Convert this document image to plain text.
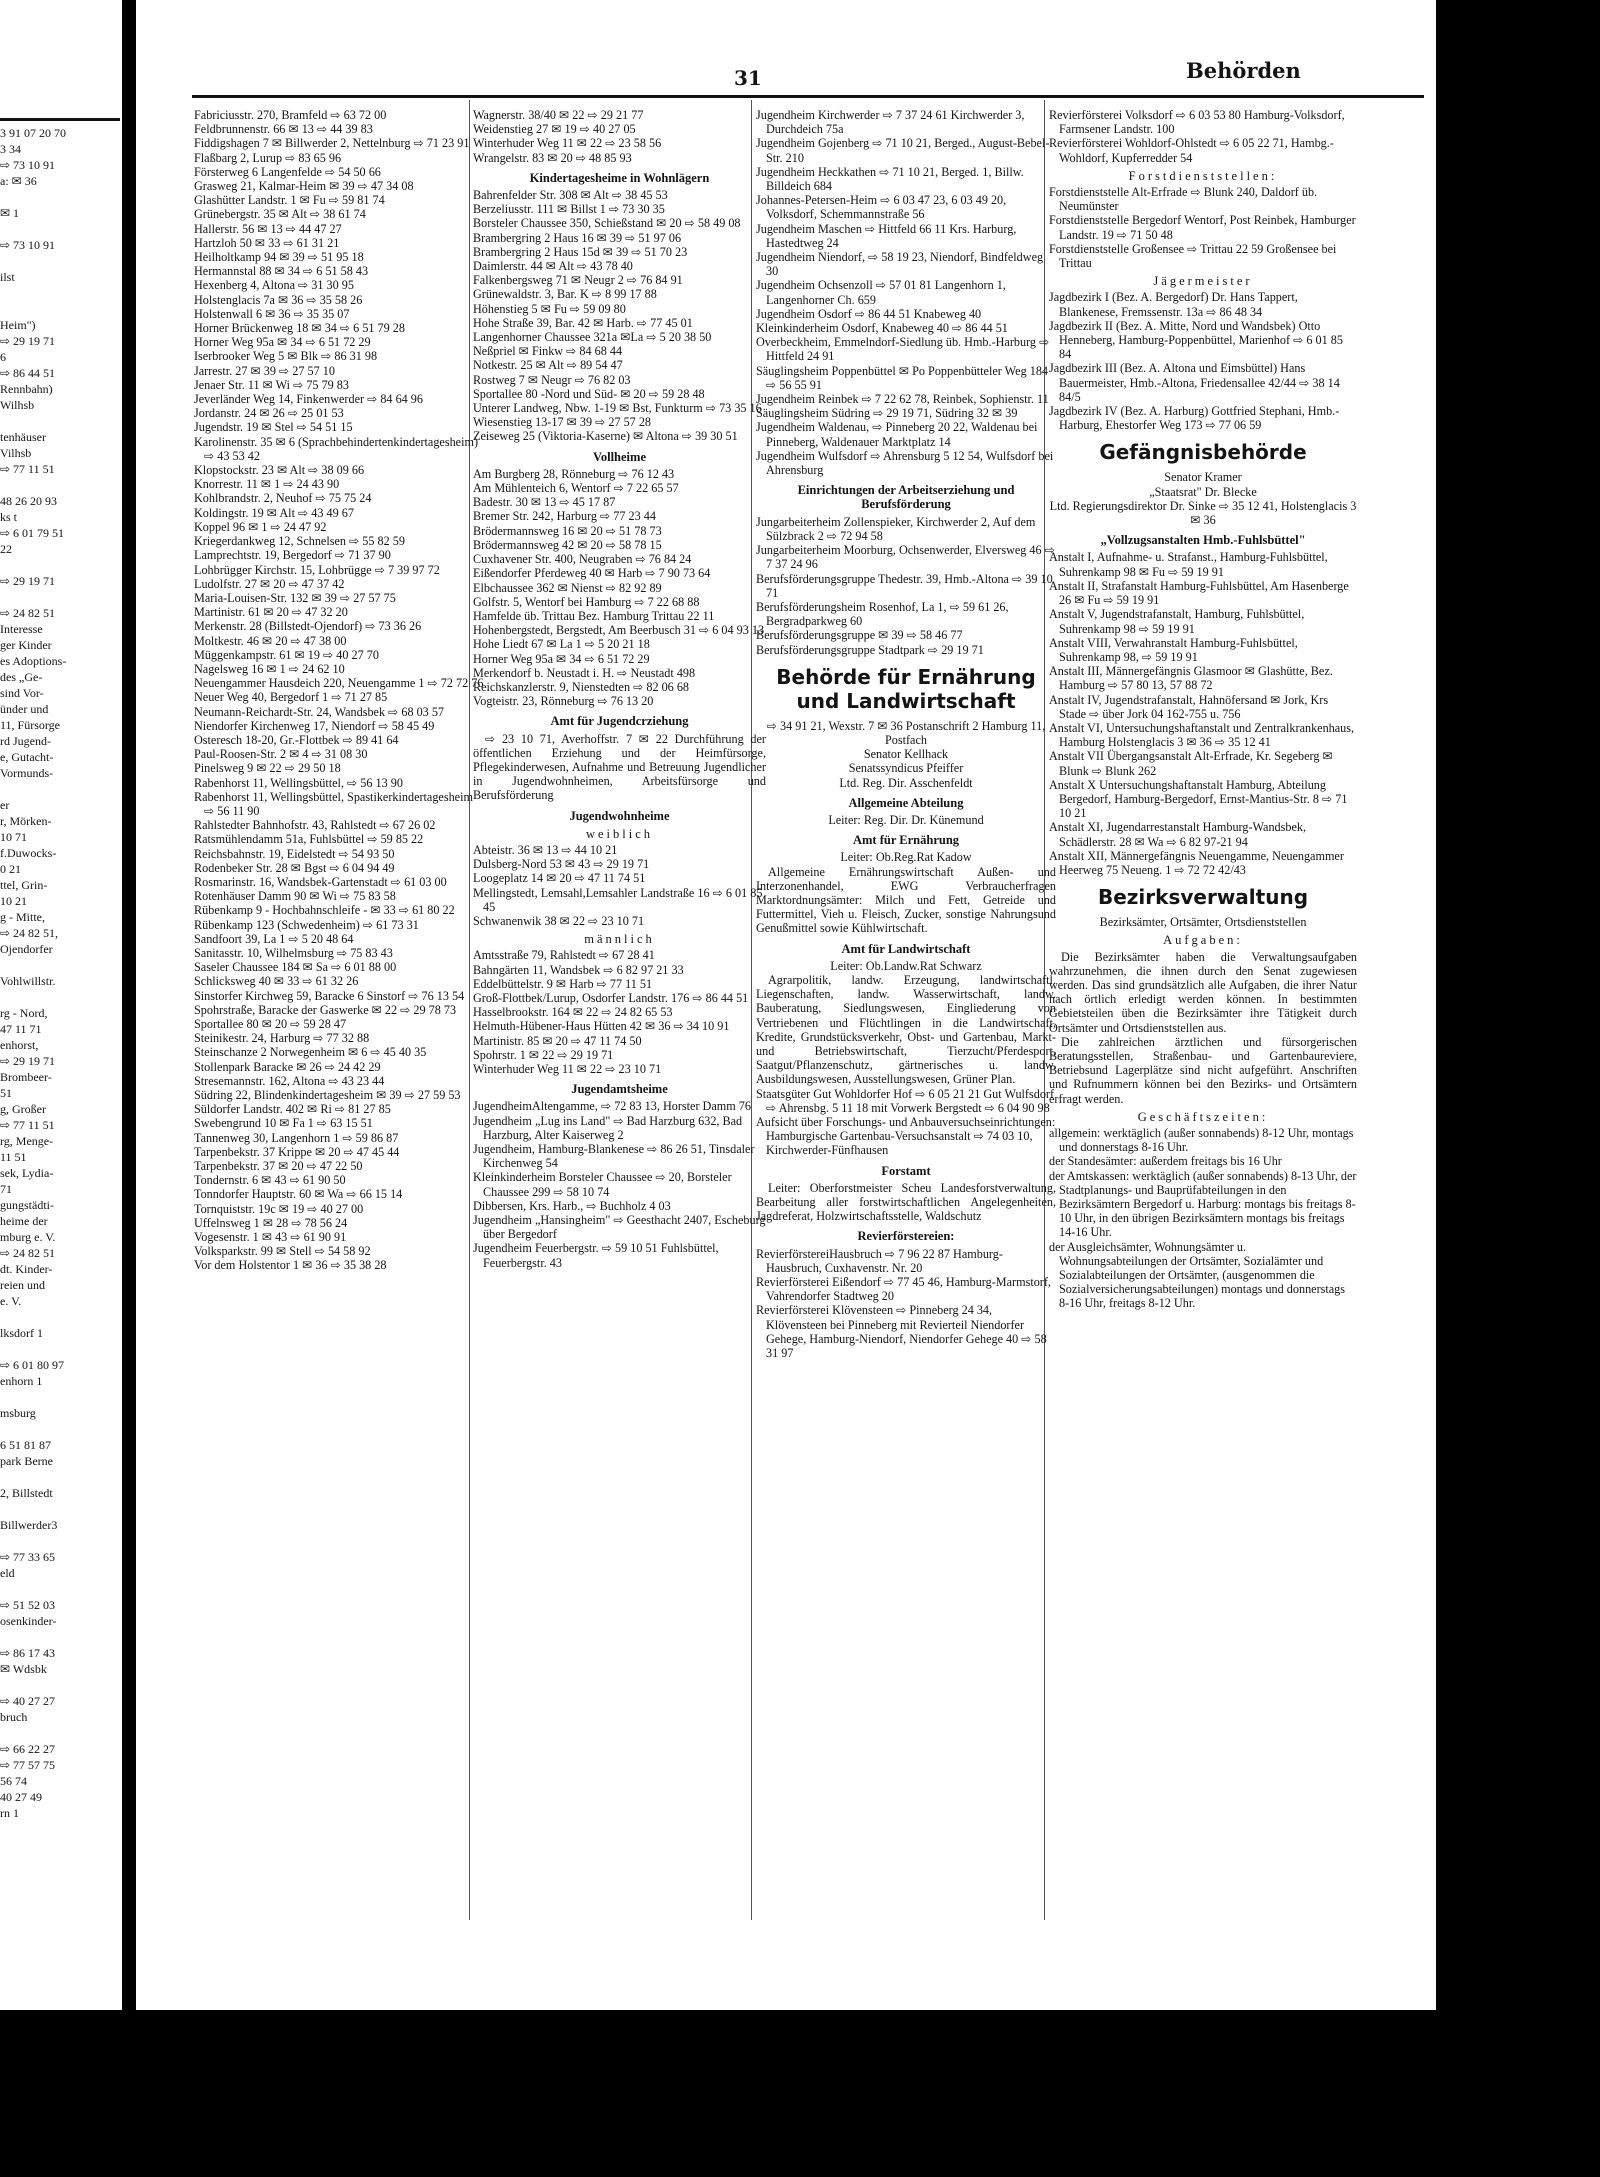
3 91 07 20 70
3 34
⇨ 73 10 91
a: ✉ 36

✉ 1

⇨ 73 10 91

ilst

Heim")
⇨ 29 19 71
6
⇨ 86 44 51
Rennbahn)
Wilhsb

tenhäuser
Vilhsb
⇨ 77 11 51

48 26 20 93
ks t
⇨ 6 01 79 51
22

⇨ 29 19 71

⇨ 24 82 51
Interesse
ger Kinder
es Adoptions-
des „Ge-
sind Vor-
ünder und
11, Fürsorge
rd Jugend-
e, Gutacht-
Vormunds-

er
r, Mörken-
10 71
f.Duwocks-
0 21
ttel, Grin-
10 21
g - Mitte,
⇨ 24 82 51,
Ojendorfer

Vohlwillstr.

rg - Nord,
47 11 71
enhorst,
⇨ 29 19 71
Brombeer-
51
g, Großer
⇨ 77 11 51
rg, Menge-
11 51
sek, Lydia-
71
gungstädti-
heime der
mburg e. V.
⇨ 24 82 51
dt. Kinder-
reien und
e. V.

lksdorf 1

⇨ 6 01 80 97
enhorn 1

msburg

6 51 81 87
park Berne

2, Billstedt

Billwerder3

⇨ 77 33 65
eld

⇨ 51 52 03
osenkinder-

⇨ 86 17 43
✉ Wdsbk

⇨ 40 27 27
bruch

⇨ 66 22 27
⇨ 77 57 75
56 74
40 27 49
rn 1
31	Behörden

Fabriciusstr. 270, Bramfeld ⇨ 63 72 00

Feldbrunnenstr. 66 ✉ 13 ⇨ 44 39 83

Fiddigshagen 7 ✉ Billwerder 2, Nettelnburg ⇨ 71 23 91

Flaßbarg 2, Lurup ⇨ 83 65 96

Försterweg 6 Langenfelde ⇨ 54 50 66

Grasweg 21, Kalmar-Heim ✉ 39 ⇨ 47 34 08

Glashütter Landstr. 1 ✉ Fu ⇨ 59 81 74

Grünebergstr. 35 ✉ Alt ⇨ 38 61 74

Hallerstr. 56 ✉ 13 ⇨ 44 47 27

Hartzloh 50 ✉ 33 ⇨ 61 31 21

Heilholtkamp 94 ✉ 39 ⇨ 51 95 18

Hermannstal 88 ✉ 34 ⇨ 6 51 58 43

Hexenberg 4, Altona ⇨ 31 30 95

Holstenglacis 7a ✉ 36 ⇨ 35 58 26

Holstenwall 6 ✉ 36 ⇨ 35 35 07

Horner Brückenweg 18 ✉ 34 ⇨ 6 51 79 28

Horner Weg 95a ✉ 34 ⇨ 6 51 72 29

Iserbrooker Weg 5 ✉ Blk ⇨ 86 31 98

Jarrestr. 27 ✉ 39 ⇨ 27 57 10

Jenaer Str. 11 ✉ Wi ⇨ 75 79 83

Jeverländer Weg 14, Finkenwerder ⇨ 84 64 96

Jordanstr. 24 ✉ 26 ⇨ 25 01 53

Jugendstr. 19 ✉ Stel ⇨ 54 51 15

Karolinenstr. 35 ✉ 6 (Sprachbehindertenkindertagesheim) ⇨ 43 53 42

Klopstockstr. 23 ✉ Alt ⇨ 38 09 66

Knorrestr. 11 ✉ 1 ⇨ 24 43 90

Kohlbrandstr. 2, Neuhof ⇨ 75 75 24

Koldingstr. 19 ✉ Alt ⇨ 43 49 67

Koppel 96 ✉ 1 ⇨ 24 47 92

Kriegerdankweg 12, Schnelsen ⇨ 55 82 59

Lamprechtstr. 19, Bergedorf ⇨ 71 37 90

Lohbrügger Kirchstr. 15, Lohbrügge ⇨ 7 39 97 72

Ludolfstr. 27 ✉ 20 ⇨ 47 37 42

Maria-Louisen-Str. 132 ✉ 39 ⇨ 27 57 75

Martinistr. 61 ✉ 20 ⇨ 47 32 20

Merkenstr. 28 (Billstedt-Ojendorf) ⇨ 73 36 26

Moltkestr. 46 ✉ 20 ⇨ 47 38 00

Müggenkampstr. 61 ✉ 19 ⇨ 40 27 70

Nagelsweg 16 ✉ 1 ⇨ 24 62 10

Neuengammer Hausdeich 220, Neuengamme 1 ⇨ 72 72 76

Neuer Weg 40, Bergedorf 1 ⇨ 71 27 85

Neumann-Reichardt-Str. 24, Wandsbek ⇨ 68 03 57

Niendorfer Kirchenweg 17, Niendorf ⇨ 58 45 49

Osteresch 18-20, Gr.-Flottbek ⇨ 89 41 64

Paul-Roosen-Str. 2 ✉ 4 ⇨ 31 08 30

Pinelsweg 9 ✉ 22 ⇨ 29 50 18

Rabenhorst 11, Wellingsbüttel, ⇨ 56 13 90

Rabenhorst 11, Wellingsbüttel, Spastikerkindertagesheim ⇨ 56 11 90

Rahlstedter Bahnhofstr. 43, Rahlstedt ⇨ 67 26 02

Ratsmühlendamm 51a, Fuhlsbüttel ⇨ 59 85 22

Reichsbahnstr. 19, Eidelstedt ⇨ 54 93 50

Rodenbeker Str. 28 ✉ Bgst ⇨ 6 04 94 49

Rosmarinstr. 16, Wandsbek-Gartenstadt ⇨ 61 03 00

Rotenhäuser Damm 90 ✉ Wi ⇨ 75 83 58

Rübenkamp 9 - Hochbahnschleife - ✉ 33 ⇨ 61 80 22

Rübenkamp 123 (Schwedenheim) ⇨ 61 73 31

Sandfoort 39, La 1 ⇨ 5 20 48 64

Sanitasstr. 10, Wilhelmsburg ⇨ 75 83 43

Saseler Chaussee 184 ✉ Sa ⇨ 6 01 88 00

Schlicksweg 40 ✉ 33 ⇨ 61 32 26

Sinstorfer Kirchweg 59, Baracke 6 Sinstorf ⇨ 76 13 54

Spohrstraße, Baracke der Gaswerke ✉ 22 ⇨ 29 78 73

Sportallee 80 ✉ 20 ⇨ 59 28 47

Steinikestr. 24, Harburg ⇨ 77 32 88

Steinschanze 2 Norwegenheim ✉ 6 ⇨ 45 40 35

Stollenpark Baracke ✉ 26 ⇨ 24 42 29

Stresemannstr. 162, Altona ⇨ 43 23 44

Südring 22, Blindenkindertagesheim ✉ 39 ⇨ 27 59 53

Süldorfer Landstr. 402 ✉ Ri ⇨ 81 27 85

Swebengrund 10 ✉ Fa 1 ⇨ 63 15 51

Tannenweg 30, Langenhorn 1 ⇨ 59 86 87

Tarpenbekstr. 37 Krippe ✉ 20 ⇨ 47 45 44

Tarpenbekstr. 37 ✉ 20 ⇨ 47 22 50

Tondernstr. 6 ✉ 43 ⇨ 61 90 50

Tonndorfer Hauptstr. 60 ✉ Wa ⇨ 66 15 14

Tornquiststr. 19c ✉ 19 ⇨ 40 27 00

Uffelnsweg 1 ✉ 28 ⇨ 78 56 24

Vogesenstr. 1 ✉ 43 ⇨ 61 90 91

Volksparkstr. 99 ✉ Stell ⇨ 54 58 92

Vor dem Holstentor 1 ✉ 36 ⇨ 35 38 28

Wagnerstr. 38/40 ✉ 22 ⇨ 29 21 77

Weidenstieg 27 ✉ 19 ⇨ 40 27 05

Winterhuder Weg 11 ✉ 22 ⇨ 23 58 56

Wrangelstr. 83 ✉ 20 ⇨ 48 85 93

Kindertagesheime in Wohnlägern

Bahrenfelder Str. 308 ✉ Alt ⇨ 38 45 53

Berzeliusstr. 111 ✉ Billst 1 ⇨ 73 30 35

Borsteler Chaussee 350, Schießstand ✉ 20 ⇨ 58 49 08

Brambergring 2 Haus 16 ✉ 39 ⇨ 51 97 06

Brambergring 2 Haus 15d ✉ 39 ⇨ 51 70 23

Daimlerstr. 44 ✉ Alt ⇨ 43 78 40

Falkenbergsweg 71 ✉ Neugr 2 ⇨ 76 84 91

Grünewaldstr. 3, Bar. K ⇨ 8 99 17 88

Höhenstieg 5 ✉ Fu ⇨ 59 09 80

Hohe Straße 39, Bar. 42 ✉ Harb. ⇨ 77 45 01

Langenhorner Chaussee 321a ✉La ⇨ 5 20 38 50

Neßpriel ✉ Finkw ⇨ 84 68 44

Notkestr. 25 ✉ Alt ⇨ 89 54 47

Rostweg 7 ✉ Neugr ⇨ 76 82 03

Sportallee 80 -Nord und Süd- ✉ 20 ⇨ 59 28 48

Unterer Landweg, Nbw. 1-19 ✉ Bst, Funkturm ⇨ 73 35 16

Wiesenstieg 13-17 ✉ 39 ⇨ 27 57 28

Zeiseweg 25 (Viktoria-Kaserne) ✉ Altona ⇨ 39 30 51

Vollheime

Am Burgberg 28, Rönneburg ⇨ 76 12 43

Am Mühlenteich 6, Wentorf ⇨ 7 22 65 57

Badestr. 30 ✉ 13 ⇨ 45 17 87

Bremer Str. 242, Harburg ⇨ 77 23 44

Brödermannsweg 16 ✉ 20 ⇨ 51 78 73

Brödermannsweg 42 ✉ 20 ⇨ 58 78 15

Cuxhavener Str. 400, Neugraben ⇨ 76 84 24

Eißendorfer Pferdeweg 40 ✉ Harb ⇨ 7 90 73 64

Elbchaussee 362 ✉ Nienst ⇨ 82 92 89

Golfstr. 5, Wentorf bei Hamburg ⇨ 7 22 68 88

Hamfelde üb. Trittau Bez. Hamburg Trittau 22 11

Hohenbergstedt, Bergstedt, Am Beerbusch 31 ⇨ 6 04 93 13

Hohe Liedt 67 ✉ La 1 ⇨ 5 20 21 18

Horner Weg 95a ✉ 34 ⇨ 6 51 72 29

Merkendorf b. Neustadt i. H. ⇨ Neustadt 498

Reichskanzlerstr. 9, Nienstedten ⇨ 82 06 68

Vogteistr. 23, Rönneburg ⇨ 76 13 20

Amt für Jugendcrziehung

⇨ 23 10 71, Averhoffstr. 7 ✉ 22 Durchführung der öffentlichen Erziehung und der Heimfürsorge, Pflegekinderwesen, Aufnahme und Betreuung Jugendlicher in Jugendwohnheimen, Arbeitsfürsorge und Berufsförderung

Jugendwohnheime
weiblich

Abteistr. 36 ✉ 13 ⇨ 44 10 21

Dulsberg-Nord 53 ✉ 43 ⇨ 29 19 71

Loogeplatz 14 ✉ 20 ⇨ 47 11 74 51

Mellingstedt, Lemsahl,Lemsahler Landstraße 16 ⇨ 6 01 85 45

Schwanenwik 38 ✉ 22 ⇨ 23 10 71

männlich

Amtsstraße 79, Rahlstedt ⇨ 67 28 41

Bahngärten 11, Wandsbek ⇨ 6 82 97 21 33

Eddelbüttelstr. 9 ✉ Harb ⇨ 77 11 51

Groß-Flottbek/Lurup, Osdorfer Landstr. 176 ⇨ 86 44 51

Hasselbrookstr. 164 ✉ 22 ⇨ 24 82 65 53

Helmuth-Hübener-Haus Hütten 42 ✉ 36 ⇨ 34 10 91

Martinistr. 85 ✉ 20 ⇨ 47 11 74 50

Spohrstr. 1 ✉ 22 ⇨ 29 19 71

Winterhuder Weg 11 ✉ 22 ⇨ 23 10 71

Jugendamtsheime

JugendheimAltengamme, ⇨ 72 83 13, Horster Damm 76

Jugendheim „Lug ins Land" ⇨ Bad Harzburg 632, Bad Harzburg, Alter Kaiserweg 2

Jugendheim, Hamburg-Blankenese ⇨ 86 26 51, Tinsdaler Kirchenweg 54

Kleinkinderheim Borsteler Chaussee ⇨ 20, Borsteler Chaussee 299 ⇨ 58 10 74

Dibbersen, Krs. Harb., ⇨ Buchholz 4 03

Jugendheim „Hansingheim" ⇨ Geesthacht 2407, Escheburg über Bergedorf

Jugendheim Feuerbergstr. ⇨ 59 10 51 Fuhlsbüttel, Feuerbergstr. 43

Jugendheim Kirchwerder ⇨ 7 37 24 61 Kirchwerder 3, Durchdeich 75a

Jugendheim Gojenberg ⇨ 71 10 21, Berged., August-Bebel-Str. 210

Jugendheim Heckkathen ⇨ 71 10 21, Berged. 1, Billw. Billdeich 684

Johannes-Petersen-Heim ⇨ 6 03 47 23, 6 03 49 20, Volksdorf, Schemmannstraße 56

Jugendheim Maschen ⇨ Hittfeld 66 11 Krs. Harburg, Hastedtweg 24

Jugendheim Niendorf, ⇨ 58 19 23, Niendorf, Bindfeldweg 30

Jugendheim Ochsenzoll ⇨ 57 01 81 Langenhorn 1, Langenhorner Ch. 659

Jugendheim Osdorf ⇨ 86 44 51 Knabeweg 40

Kleinkinderheim Osdorf, Knabeweg 40 ⇨ 86 44 51

Overbeckheim, Emmelndorf-Siedlung üb. Hmb.-Harburg ⇨ Hittfeld 24 91

Säuglingsheim Poppenbüttel ✉ Po Poppenbütteler Weg 184 ⇨ 56 55 91

Jugendheim Reinbek ⇨ 7 22 62 78, Reinbek, Sophienstr. 11

Säuglingsheim Südring ⇨ 29 19 71, Südring 32 ✉ 39

Jugendheim Waldenau, ⇨ Pinneberg 20 22, Waldenau bei Pinneberg, Waldenauer Marktplatz 14

Jugendheim Wulfsdorf ⇨ Ahrensburg 5 12 54, Wulfsdorf bei Ahrensburg

Einrichtungen der Arbeitserziehung und Berufsförderung

Jungarbeiterheim Zollenspieker, Kirchwerder 2, Auf dem Sülzbrack 2 ⇨ 72 94 58

Jungarbeiterheim Moorburg, Ochsenwerder, Elversweg 46 ⇨ 7 37 24 96

Berufsförderungsgruppe Thedestr. 39, Hmb.-Altona ⇨ 39 10 71

Berufsförderungsheim Rosenhof, La 1, ⇨ 59 61 26, Bergradparkweg 60

Berufsförderungsgruppe ✉ 39 ⇨ 58 46 77

Berufsförderungsgruppe Stadtpark ⇨ 29 19 71

Behörde für Ernährung und Landwirtschaft

⇨ 34 91 21, Wexstr. 7 ✉ 36 Postanschrift 2 Hamburg 11, Postfach

Senator Kellhack

Senatssyndicus Pfeiffer

Ltd. Reg. Dir. Asschenfeldt

Allgemeine Abteilung

Leiter: Reg. Dir. Dr. Künemund

Amt für Ernährung

Leiter: Ob.Reg.Rat Kadow

Allgemeine Ernährungswirtschaft Außen- und Interzonenhandel, EWG Verbraucherfragen Marktordnungsämter: Milch und Fett, Getreide und Futtermittel, Vieh u. Fleisch, Zucker, sonstige Nahrungsund Genußmittel sowie Kühlwirtschaft.

Amt für Landwirtschaft

Leiter: Ob.Landw.Rat Schwarz

Agrarpolitik, landw. Erzeugung, landwirtschaftl. Liegenschaften, landw. Wasserwirtschaft, landw. Bauberatung, Siedlungswesen, Eingliederung von Vertriebenen und Flüchtlingen in die Landwirtschaft, Kredite, Grundstücksverkehr, Obst- und Gartenbau, Markt- und Betriebswirtschaft, Tierzucht/Pferdesport, Saatgut/Pflanzenschutz, gärtnerisches u. landw. Ausbildungswesen, Ausstellungswesen, Grüner Plan.

Staatsgüter Gut Wohldorfer Hof ⇨ 6 05 21 21 Gut Wulfsdorf ⇨ Ahrensbg. 5 11 18 mit Vorwerk Bergstedt ⇨ 6 04 90 98

Aufsicht über Forschungs- und Anbauversuchseinrichtungen: Hamburgische Gartenbau-Versuchsanstalt ⇨ 74 03 10, Kirchwerder-Fünfhausen

Forstamt

Leiter: Oberforstmeister Scheu Landesforstverwaltung, Bearbeitung aller forstwirtschaftlichen Angelegenheiten, Jagdreferat, Holzwirtschaftsstelle, Waldschutz

Revierförstereien:

RevierförstereiHausbruch ⇨ 7 96 22 87 Hamburg-Hausbruch, Cuxhavenstr. Nr. 20

Revierförsterei Eißendorf ⇨ 77 45 46, Hamburg-Marmstorf, Vahrendorfer Stadtweg 20

Revierförsterei Klövensteen ⇨ Pinneberg 24 34, Klövensteen bei Pinneberg mit Revierteil Niendorfer Gehege, Hamburg-Niendorf, Niendorfer Gehege 40 ⇨ 58 31 97

Revierförsterei Volksdorf ⇨ 6 03 53 80 Hamburg-Volksdorf, Farmsener Landstr. 100

Revierförsterei Wohldorf-Ohlstedt ⇨ 6 05 22 71, Hambg.-Wohldorf, Kupferredder 54

Forstdienststellen:

Forstdienststelle Alt-Erfrade ⇨ Blunk 240, Daldorf üb. Neumünster

Forstdienststelle Bergedorf Wentorf, Post Reinbek, Hamburger Landstr. 19 ⇨ 71 50 48

Forstdienststelle Großensee ⇨ Trittau 22 59 Großensee bei Trittau

Jägermeister

Jagdbezirk I (Bez. A. Bergedorf) Dr. Hans Tappert, Blankenese, Fremssenstr. 13a ⇨ 86 48 34

Jagdbezirk II (Bez. A. Mitte, Nord und Wandsbek) Otto Henneberg, Hamburg-Poppenbüttel, Marienhof ⇨ 6 01 85 84

Jagdbezirk III (Bez. A. Altona und Eimsbüttel) Hans Bauermeister, Hmb.-Altona, Friedensallee 42/44 ⇨ 38 14 84/5

Jagdbezirk IV (Bez. A. Harburg) Gottfried Stephani, Hmb.-Harburg, Ehestorfer Weg 173 ⇨ 77 06 59

Gefängnisbehörde

Senator Kramer

„Staatsrat" Dr. Blecke

Ltd. Regierungsdirektor Dr. Sinke ⇨ 35 12 41, Holstenglacis 3 ✉ 36

„Vollzugsanstalten Hmb.-Fuhlsbüttel"

Anstalt I, Aufnahme- u. Strafanst., Hamburg-Fuhlsbüttel, Suhrenkamp 98 ✉ Fu ⇨ 59 19 91

Anstalt II, Strafanstalt Hamburg-Fuhlsbüttel, Am Hasenberge 26 ✉ Fu ⇨ 59 19 91

Anstalt V, Jugendstrafanstalt, Hamburg, Fuhlsbüttel, Suhrenkamp 98 ⇨ 59 19 91

Anstalt VIII, Verwahranstalt Hamburg-Fuhlsbüttel, Suhrenkamp 98, ⇨ 59 19 91

Anstalt III, Männergefängnis Glasmoor ✉ Glashütte, Bez. Hamburg ⇨ 57 80 13, 57 88 72

Anstalt IV, Jugendstrafanstalt, Hahnöfersand ✉ Jork, Krs Stade ⇨ über Jork 04 162-755 u. 756

Anstalt VI, Untersuchungshaftanstalt und Zentralkrankenhaus, Hamburg Holstenglacis 3 ✉ 36 ⇨ 35 12 41

Anstalt VII Übergangsanstalt Alt-Erfrade, Kr. Segeberg ✉ Blunk ⇨ Blunk 262

Anstalt X Untersuchungshaftanstalt Hamburg, Abteilung Bergedorf, Hamburg-Bergedorf, Ernst-Mantius-Str. 8 ⇨ 71 10 21

Anstalt XI, Jugendarrestanstalt Hamburg-Wandsbek, Schädlerstr. 28 ✉ Wa ⇨ 6 82 97-21 94

Anstalt XII, Männergefängnis Neuengamme, Neuengammer Heerweg 75 Neueng. 1 ⇨ 72 72 42/43

Bezirksverwaltung

Bezirksämter, Ortsämter, Ortsdienststellen

Aufgaben:

Die Bezirksämter haben die Verwaltungsaufgaben wahrzunehmen, die ihnen durch den Senat zugewiesen werden. Das sind grundsätzlich alle Aufgaben, die ihrer Natur nach örtlich erledigt werden können. In bestimmten Gebietsteilen üben die Bezirksämter ihre Tätigkeit durch Ortsämter und Ortsdienststellen aus.

Die zahlreichen ärztlichen und fürsorgerischen Beratungsstellen, Straßenbau- und Gartenbaureviere, Betriebsund Lagerplätze sind nicht aufgeführt. Anschriften und Rufnummern können bei den Bezirks- und Ortsämtern erfragt werden.

Geschäftszeiten:

allgemein: werktäglich (außer sonnabends) 8-12 Uhr, montags und donnerstags 8-16 Uhr.

der Standesämter: außerdem freitags bis 16 Uhr

der Amtskassen: werktäglich (außer sonnabends) 8-13 Uhr, der Stadtplanungs- und Bauprüfabteilungen in den Bezirksämtern Bergedorf u. Harburg: montags bis freitags 8-10 Uhr, in den übrigen Bezirksämtern montags bis freitags 14-16 Uhr.

der Ausgleichsämter, Wohnungsämter u. Wohnungsabteilungen der Ortsämter, Sozialämter und Sozialabteilungen der Ortsämter, (ausgenommen die Sozialversicherungsabteilungen) montags und donnerstags 8-16 Uhr, freitags 8-12 Uhr.
